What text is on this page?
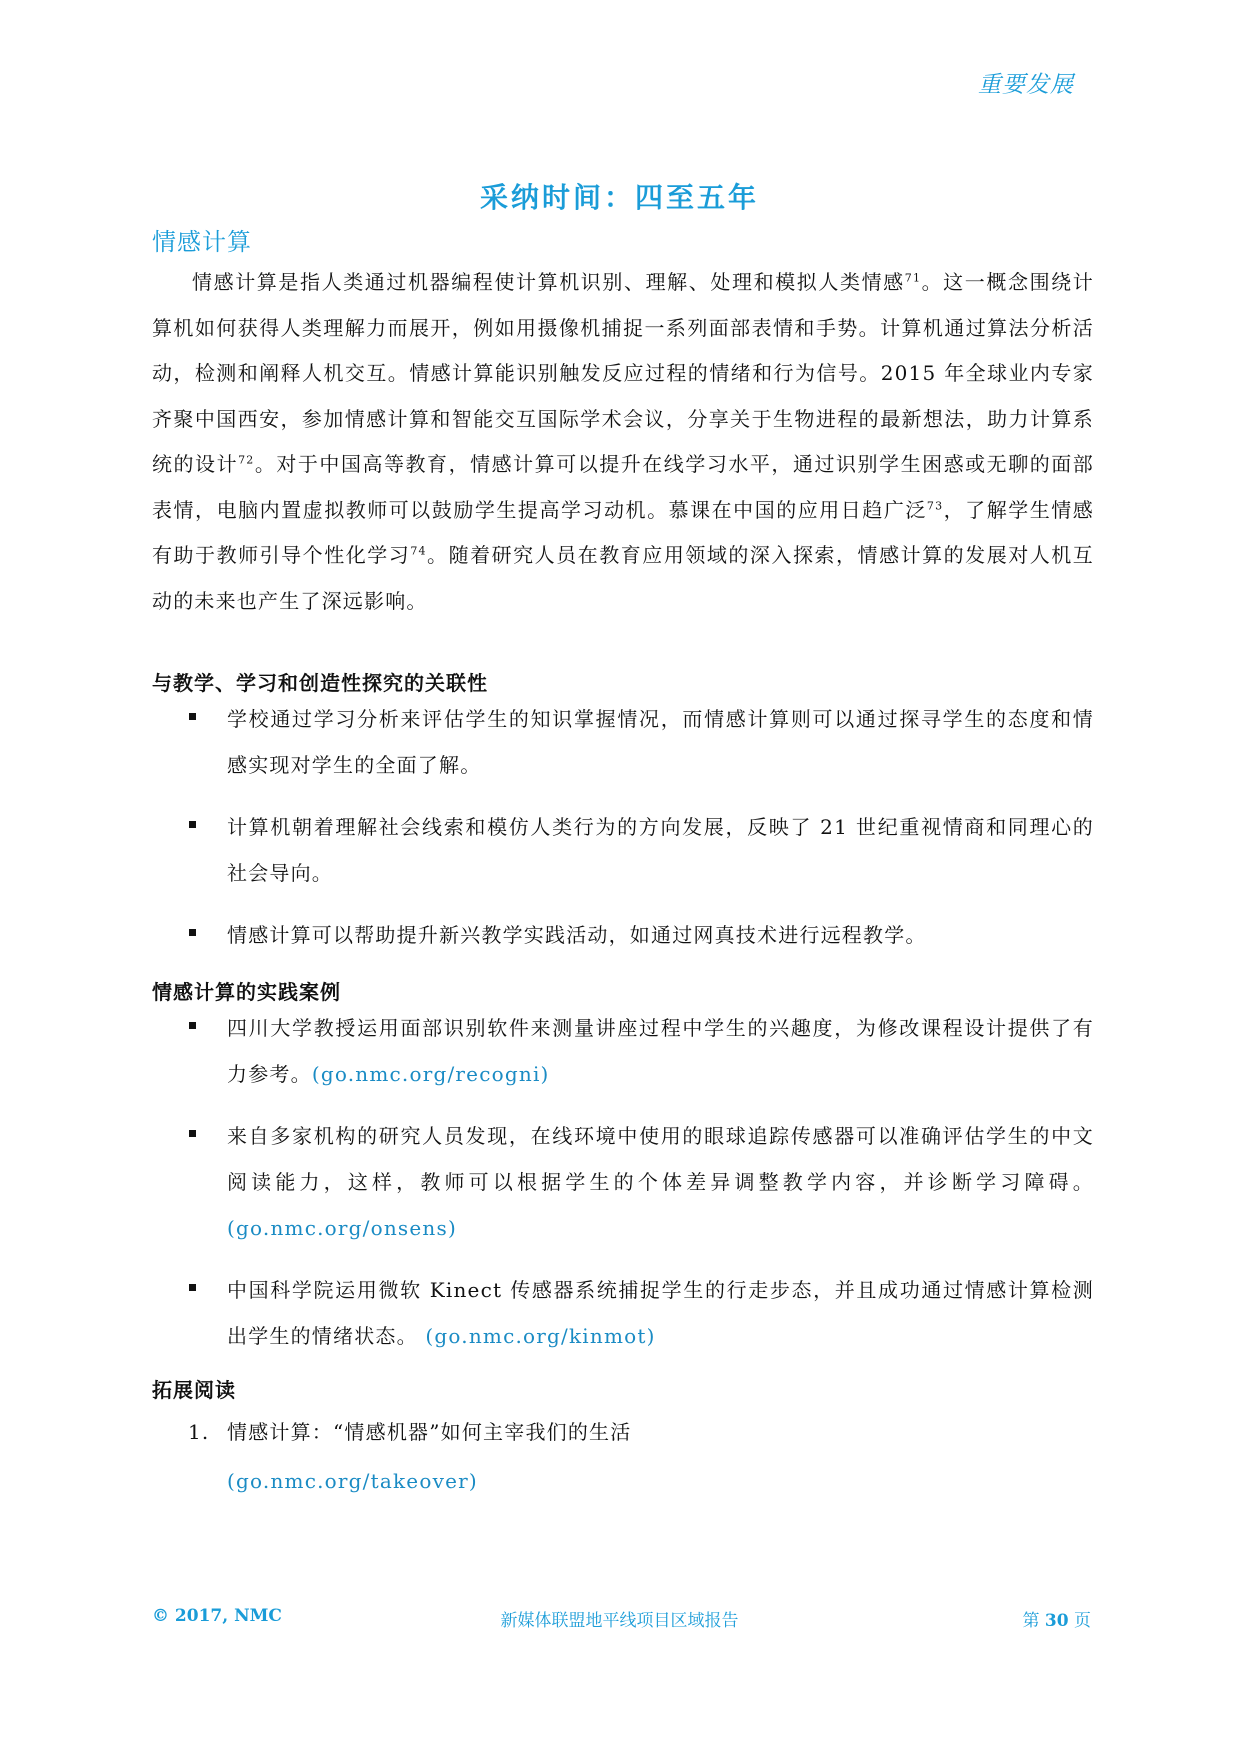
重要发展
采纳时间：四至五年
情感计算

情感计算是指人类通过机器编程使计算机识别、理解、处理和模拟人类情感$^{71}$。这一概念围绕计算机如何获得人类理解力而展开，例如用摄像机捕捉一系列面部表情和手势。计算机通过算法分析活动，检测和阐释人机交互。情感计算能识别触发反应过程的情绪和行为信号。2015 年全球业内专家齐聚中国西安，参加情感计算和智能交互国际学术会议，分享关于生物进程的最新想法，助力计算系统的设计$^{72}$。对于中国高等教育，情感计算可以提升在线学习水平，通过识别学生困惑或无聊的面部表情，电脑内置虚拟教师可以鼓励学生提高学习动机。慕课在中国的应用日趋广泛$^{73}$，了解学生情感有助于教师引导个性化学习$^{74}$。随着研究人员在教育应用领域的深入探索，情感计算的发展对人机互动的未来也产生了深远影响。

与教学、学习和创造性探究的关联性
学校通过学习分析来评估学生的知识掌握情况，而情感计算则可以通过探寻学生的态度和情感实现对学生的全面了解。
计算机朝着理解社会线索和模仿人类行为的方向发展，反映了 21 世纪重视情商和同理心的社会导向。
情感计算可以帮助提升新兴教学实践活动，如通过网真技术进行远程教学。
情感计算的实践案例
四川大学教授运用面部识别软件来测量讲座过程中学生的兴趣度，为修改课程设计提供了有力参考。(go.nmc.org/recogni)
来自多家机构的研究人员发现，在线环境中使用的眼球追踪传感器可以准确评估学生的中文阅读能力，这样，教师可以根据学生的个体差异调整教学内容，并诊断学习障碍。 (go.nmc.org/onsens)
中国科学院运用微软 Kinect 传感器系统捕捉学生的行走步态，并且成功通过情感计算检测出学生的情绪状态。 (go.nmc.org/kinmot)
拓展阅读
1. 情感计算：“情感机器”如何主宰我们的生活
(go.nmc.org/takeover)
© 2017, NMC	新媒体联盟地平线项目区域报告	第 30 页
